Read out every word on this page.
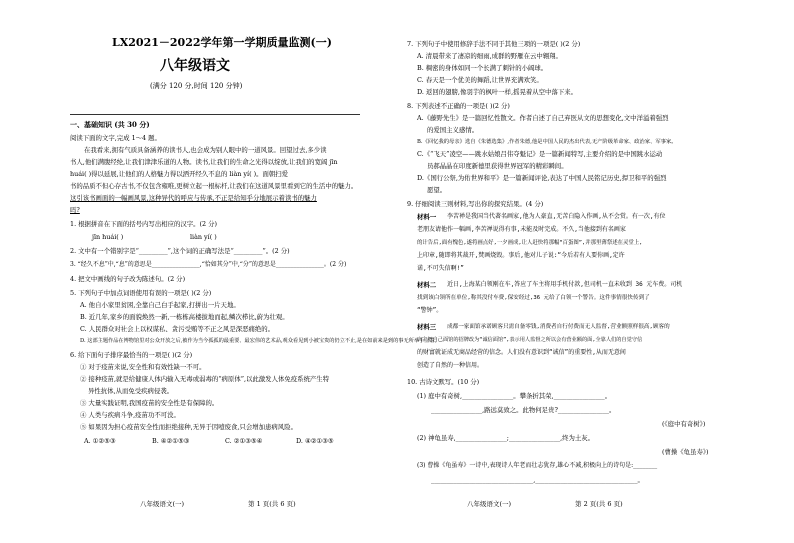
LX2021－2022学年第一学期质量监测(一)
八年级语文
(满分 120 分,时间 120 分钟)
一、基础知识 (共 30 分)
阅读下面的文字,完成 1～4 题。
在我看来,拥有气质具备涵养的读书人,也会成为别人眼中的一道风景。回望过去,多少读
书人,他们满腹经纶,让我们津津乐道的人物。读书,让我们的生命之光得以绽放,让我们的宽阔 jīn
huái( )得以延展,让他们的人格魅力得以洒开经久不息的 liàn yí( )。面朝扫爱
书的品质不但心存古书,不仅包含雍唯,更树立起一根标杆,让我们在这道风景里看到它的生活中的魅力。
这引该书画面的一幅画风景,这种异代的呼应与传承,不正是给知乎分地展示着读书的魅力
吗?
1. 根据拼音在下面的括号内写出相应的汉字。(2 分)
jīn huái( )	liàn yí( )
2. 文中有一个错别字是“_________”,这个词的正确写法是“_________”。(2 分)
3. “经久不息”中,“息”的意思是________________,“恰如其分”中,“分”的意思是________________。(2 分)
4. 把文中画线的句子改为陈述句。(2 分)
5. 下列句子中加点词语使用有误的一项是( )(2 分)
A. 他自小家里贫困,全靠自己白手起家,打拼出一片天地。
B. 近几年,家乡的面貌焕然一新,一栋栋高楼拔地而起,鳞次栉比,蔚为壮观。
C. 人民群众对社会上以权谋私、贪污受贿等不正之风是深恶痛绝的。
D. 这部主题作品在博物馆里对公众开放之后,被作为当今孤孤的最重要、最宏伟的艺术品,观众看见到小被宝贵的仍立不止,是在如前来是到的事无所举手立着。
6. 给下面句子排序最恰当的一项是( )(2 分)
① 对于疫苗来说,安全性和有效性缺一不可。
② 接种疫苗,就是给健康人体内输入无毒或弱毒的“病原体”,以此激发人体免疫系统产生特
异性抗体,从而免受疾病侵袭。
③ 大量实践证明,我国疫苗的安全性是有保障的。
④ 人类与疾病斗争,疫苗功不可没。
⑤ 如果因为担心疫苗安全性而拒绝接种,无异于因噎废食,只会增加患病风险。
A. ①②⑤③	B. ④②①⑤③	C. ②①③⑤④	D. ④②①③⑤
八年级语文(一)	第 1 页(共 6 页)
7. 下列句子中使用修辞手法不同于其他三项的一项是( )(2 分)
A. 清晨带来了凄凉的细雨,成群的野雁在云中翱翔。
B. 稠密的身体如同一个长满了刺针的小阔球。
C. 春天是一个优美的舞蹈,让世界充满欢笑。
D. 返回的翅膀,像羽芋的枫叶一样,摇晃着从空中落下来。
8. 下列表述不正确的一项是( )(2 分)
A.《藤野先生》是一篇回忆性散文。作者自述了自己弃医从文的思想变化,文中洋溢着强烈
的爱国主义感情。
B.《回忆我的母亲》选自《朱德选集》,作者朱德,他是中国人民的杰出代表,无产阶级革命家、政治家、军事家。
C.《“飞天”凌空——跳水姑娘吕伟夺魁记》是一篇新闻特写,主要介绍的是中国跳水运动
员郝晶晶在印度新德里获得世界冠军的精彩瞬间。
D.《国行公祭,为佑世界和平》是一篇新闻评论,表达了中国人民铭记历史,捍卫和平的强烈
愿望。
9. 仔细阅读三则材料,写出你的探究结果。(4 分)
材料一 李苦禅是我国当代著名画家,他为人豪直,无苦白隐入作画,从不会赏。有一次,有位
老朋友请他作一幅画,李苦禅说得有事,未能及时完成。不久,当他接到有名画家
的计告后,面有愧色,遂将画点好,一夕画成,让人赶快将那幅“百蛋图”,并那里薄祭述在灵堂上,
上印章,随即将其裁开,焚画烧毁。事后,他对儿子说:“今后若有人要你画,定许
诺,不可失信啊!”
材料二 近日,上海某白领刚在车,答应了车主将用手机付款,但司机一直未收到 36 元车费。司机
找到该白领所在单位,称其没付车费,保安经过,36 元给了白领一个警告。这件事情很快传到了
“警钟”。
材料三 成都一家面馆承诺顾客只需自备零钱,消费者自行付费而无人监督,营业额照样很高,顾客的
店主把自己面馆的招牌改为“诚信面馆”,表示用人监督之所以会有营业额的面,全靠人们的自觉守信
的财富就证成无商品经营的信念。人们没有意识到“诚信”的重要性,从而无意间
创造了自然的一种信用。
10. 古诗文默写。(10 分)
(1) 庭中有奇树,________________。攀条折其荣,________________。
________________,路远莫致之。此物何足贵?________________。
(《庭中有奇树》)
(2) 神龟虽寿,________________;________________,终为土灰。
(曹操《龟虽寿》)
(3) 曹操《龟虽寿》一诗中,表现诗人年老而壮志犹存,雄心不减,积极向上的诗句是:________
________________________________,________________________________。
八年级语文(一)	第 2 页(共 6 页)
